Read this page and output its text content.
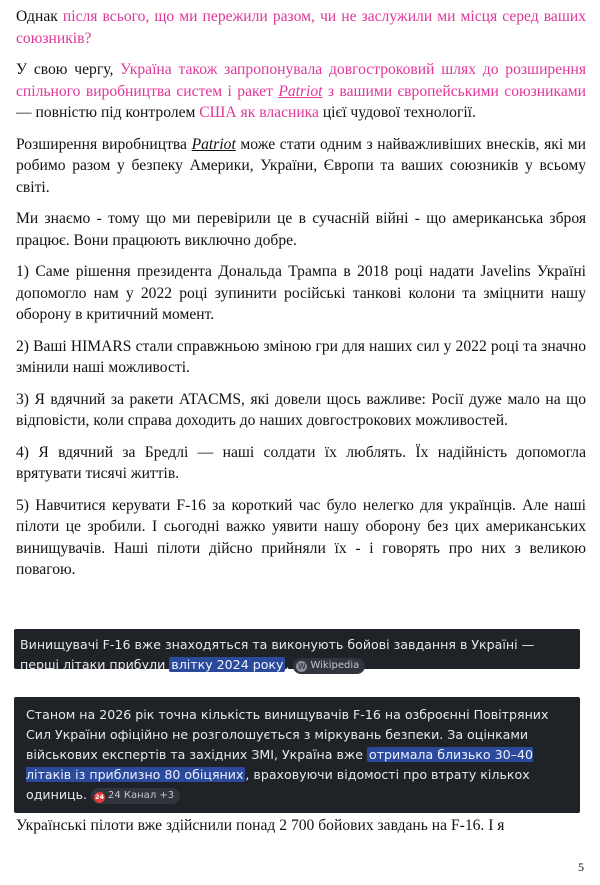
Однак після всього, що ми пережили разом, чи не заслужили ми місця серед ваших союзників?

У свою чергу, Україна також запропонувала довгостроковий шлях до розширення спільного виробництва систем і ракет Patriot з вашими європейськими союзниками — повністю під контролем США як власника цієї чудової технології.

Розширення виробництва Patriot може стати одним з найважливіших внесків, які ми робимо разом у безпеку Америки, України, Європи та ваших союзників у всьому світі.

Ми знаємо - тому що ми перевірили це в сучасній війні - що американська зброя працює. Вони працюють виключно добре.

1) Саме рішення президента Дональда Трампа в 2018 році надати Javelins Україні допомогло нам у 2022 році зупинити російські танкові колони та зміцнити нашу оборону в критичний момент.

2) Ваші HIMARS стали справжньою зміною гри для наших сил у 2022 році та значно змінили наші можливості.

3) Я вдячний за ракети ATACMS, які довели щось важливе: Росії дуже мало на що відповісти, коли справа доходить до наших довгострокових можливостей.

4) Я вдячний за Бредлі — наші солдати їх люблять. Їх надійність допомогла врятувати тисячі життів.

5) Навчитися керувати F-16 за короткий час було нелегко для українців. Але наші пілоти це зробили. І сьогодні важко уявити нашу оборону без цих американських винищувачів. Наші пілоти дійсно прийняли їх - і говорять про них з великою повагою.

Винищувачі F-16 вже знаходяться та виконують бойові завдання в Україні — перші літаки прибули влітку 2024 року . W Wikipedia
Станом на 2026 рік точна кількість винищувачів F-16 на озброєнні Повітряних Сил України офіційно не розголошується з міркувань безпеки. За оцінками військових експертів та західних ЗМІ, Україна вже отримала близько 30–40 літаків із приблизно 80 обіцяних , враховуючи відомості про втрату кількох одиниць. 24 24 Канал +3

Українські пілоти вже здійснили понад 2 700 бойових завдань на F-16. І я

5
